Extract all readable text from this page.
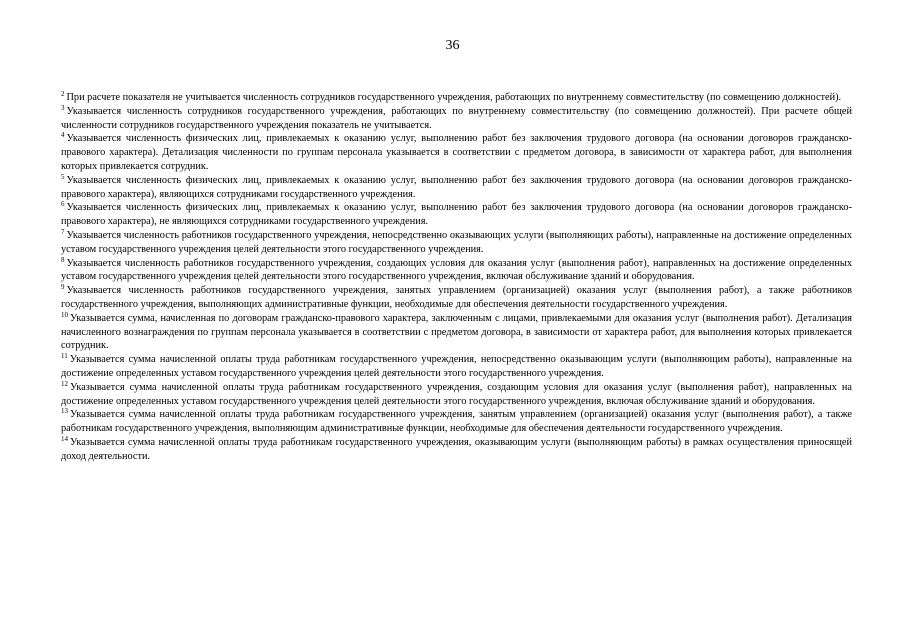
36

$^2$ При расчете показателя не учитывается численность сотрудников государственного учреждения, работающих по внутреннему совместительству (по совмещению должностей).

$^3$ Указывается численность сотрудников государственного учреждения, работающих по внутреннему совместительству (по совмещению должностей). При расчете общей численности сотрудников государственного учреждения показатель не учитывается.

$^4$ Указывается численность физических лиц, привлекаемых к оказанию услуг, выполнению работ без заключения трудового договора (на основании договоров гражданско-правового характера). Детализация численности по группам персонала указывается в соответствии с предметом договора, в зависимости от характера работ, для выполнения которых привлекается сотрудник.

$^5$ Указывается численность физических лиц, привлекаемых к оказанию услуг, выполнению работ без заключения трудового договора (на основании договоров гражданско-правового характера), являющихся сотрудниками государственного учреждения.

$^6$ Указывается численность физических лиц, привлекаемых к оказанию услуг, выполнению работ без заключения трудового договора (на основании договоров гражданско-правового характера), не являющихся сотрудниками государственного учреждения.

$^7$ Указывается численность работников государственного учреждения, непосредственно оказывающих услуги (выполняющих работы), направленные на достижение определенных уставом государственного учреждения целей деятельности этого государственного учреждения.

$^8$ Указывается численность работников государственного учреждения, создающих условия для оказания услуг (выполнения работ), направленных на достижение определенных уставом государственного учреждения целей деятельности этого государственного учреждения, включая обслуживание зданий и оборудования.

$^9$ Указывается численность работников государственного учреждения, занятых управлением (организацией) оказания услуг (выполнения работ), а также работников государственного учреждения, выполняющих административные функции, необходимые для обеспечения деятельности государственного учреждения.

$^{10}$ Указывается сумма, начисленная по договорам гражданско-правового характера, заключенным с лицами, привлекаемыми для оказания услуг (выполнения работ). Детализация начисленного вознаграждения по группам персонала указывается в соответствии с предметом договора, в зависимости от характера работ, для выполнения которых привлекается сотрудник.

$^{11}$ Указывается сумма начисленной оплаты труда работникам государственного учреждения, непосредственно оказывающим услуги (выполняющим работы), направленные на достижение определенных уставом государственного учреждения целей деятельности этого государственного учреждения.

$^{12}$ Указывается сумма начисленной оплаты труда работникам государственного учреждения, создающим условия для оказания услуг (выполнения работ), направленных на достижение определенных уставом государственного учреждения целей деятельности этого государственного учреждения, включая обслуживание зданий и оборудования.

$^{13}$ Указывается сумма начисленной оплаты труда работникам государственного учреждения, занятым управлением (организацией) оказания услуг (выполнения работ), а также работникам государственного учреждения, выполняющим административные функции, необходимые для обеспечения деятельности государственного учреждения.

$^{14}$ Указывается сумма начисленной оплаты труда работникам государственного учреждения, оказывающим услуги (выполняющим работы) в рамках осуществления приносящей доход деятельности.
